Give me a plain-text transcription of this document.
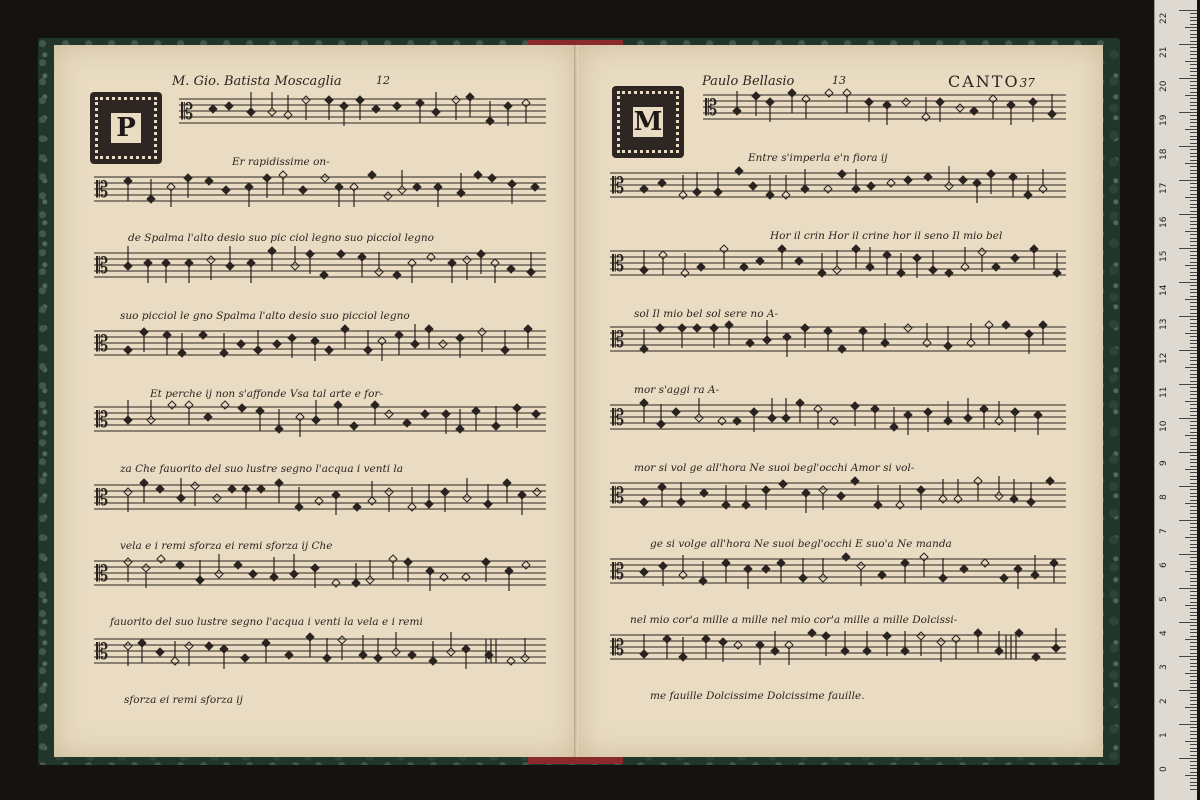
𝄡
𝄡
𝄡
𝄡
𝄡
𝄡
𝄡
𝄡
𝄡
𝄡
𝄡
𝄡
𝄡
𝄡
𝄡
𝄡
M. Gio. Batista Moscaglia	12
P
Paulo Bellasio	13	CANTO37
M
Er rapidissime on-
de Spalma l'alto desio suo pic ciol legno suo picciol legno
suo picciol le gno Spalma l'alto desio suo picciol legno
Et perche ij non s'affonde Vsa tal arte e for-
za Che fauorito del suo lustre segno l'acqua i venti la
vela e i remi sforza ei remi sforza ij Che
fauorito del suo lustre segno l'acqua i venti la vela e i remi
sforza ei remi sforza ij
Entre s'imperla e'n fiora ij
Hor il crin Hor il crine hor il seno Il mio bel
sol Il mio bel sol sere no A-
mor s'aggi ra A-
mor si vol ge all'hora Ne suoi begl'occhi Amor si vol-
ge si volge all'hora Ne suoi begl'occhi E suo'a Ne manda
nel mio cor'a mille a mille nel mio cor'a mille a mille Dolcissi-
me fauille Dolcissime Dolcissime fauille.
22
21
20
19
18
17
16
15
14
13
12
11
10
9
8
7
6
5
4
3
2
1
0
